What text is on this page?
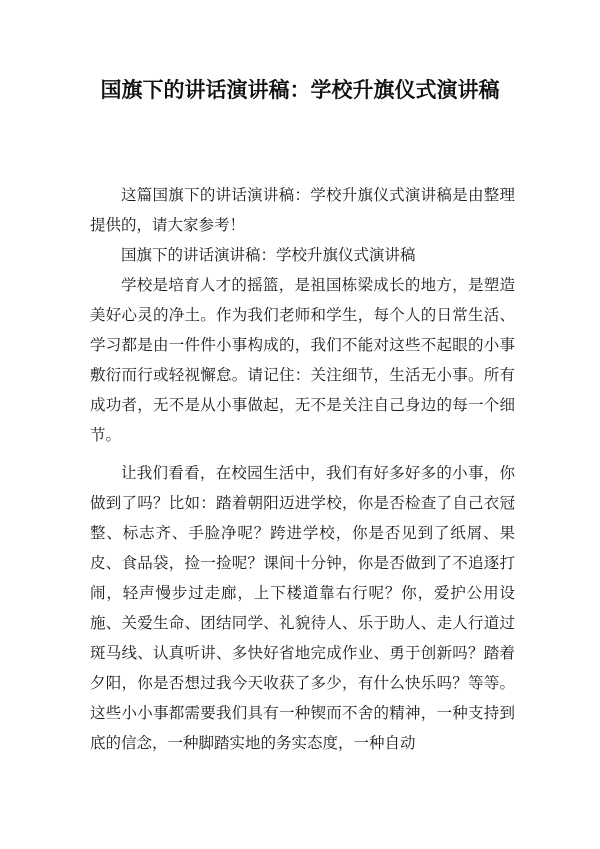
国旗下的讲话演讲稿：学校升旗仪式演讲稿

这篇国旗下的讲话演讲稿：学校升旗仪式演讲稿是由整理提供的，请大家参考！

国旗下的讲话演讲稿：学校升旗仪式演讲稿

学校是培育人才的摇篮，是祖国栋梁成长的地方，是塑造美好心灵的净土。作为我们老师和学生，每个人的日常生活、学习都是由一件件小事构成的，我们不能对这些不起眼的小事敷衍而行或轻视懈怠。请记住：关注细节，生活无小事。所有成功者，无不是从小事做起，无不是关注自己身边的每一个细节。

让我们看看，在校园生活中，我们有好多好多的小事，你做到了吗？比如：踏着朝阳迈进学校，你是否检查了自己衣冠整、标志齐、手脸净呢？跨进学校，你是否见到了纸屑、果皮、食品袋，捡一捡呢？课间十分钟，你是否做到了不追逐打闹，轻声慢步过走廊，上下楼道靠右行呢？你，爱护公用设施、关爱生命、团结同学、礼貌待人、乐于助人、走人行道过斑马线、认真听讲、多快好省地完成作业、勇于创新吗？踏着夕阳，你是否想过我今天收获了多少，有什么快乐吗？等等。这些小小事都需要我们具有一种锲而不舍的精神，一种支持到底的信念，一种脚踏实地的务实态度，一种自动
